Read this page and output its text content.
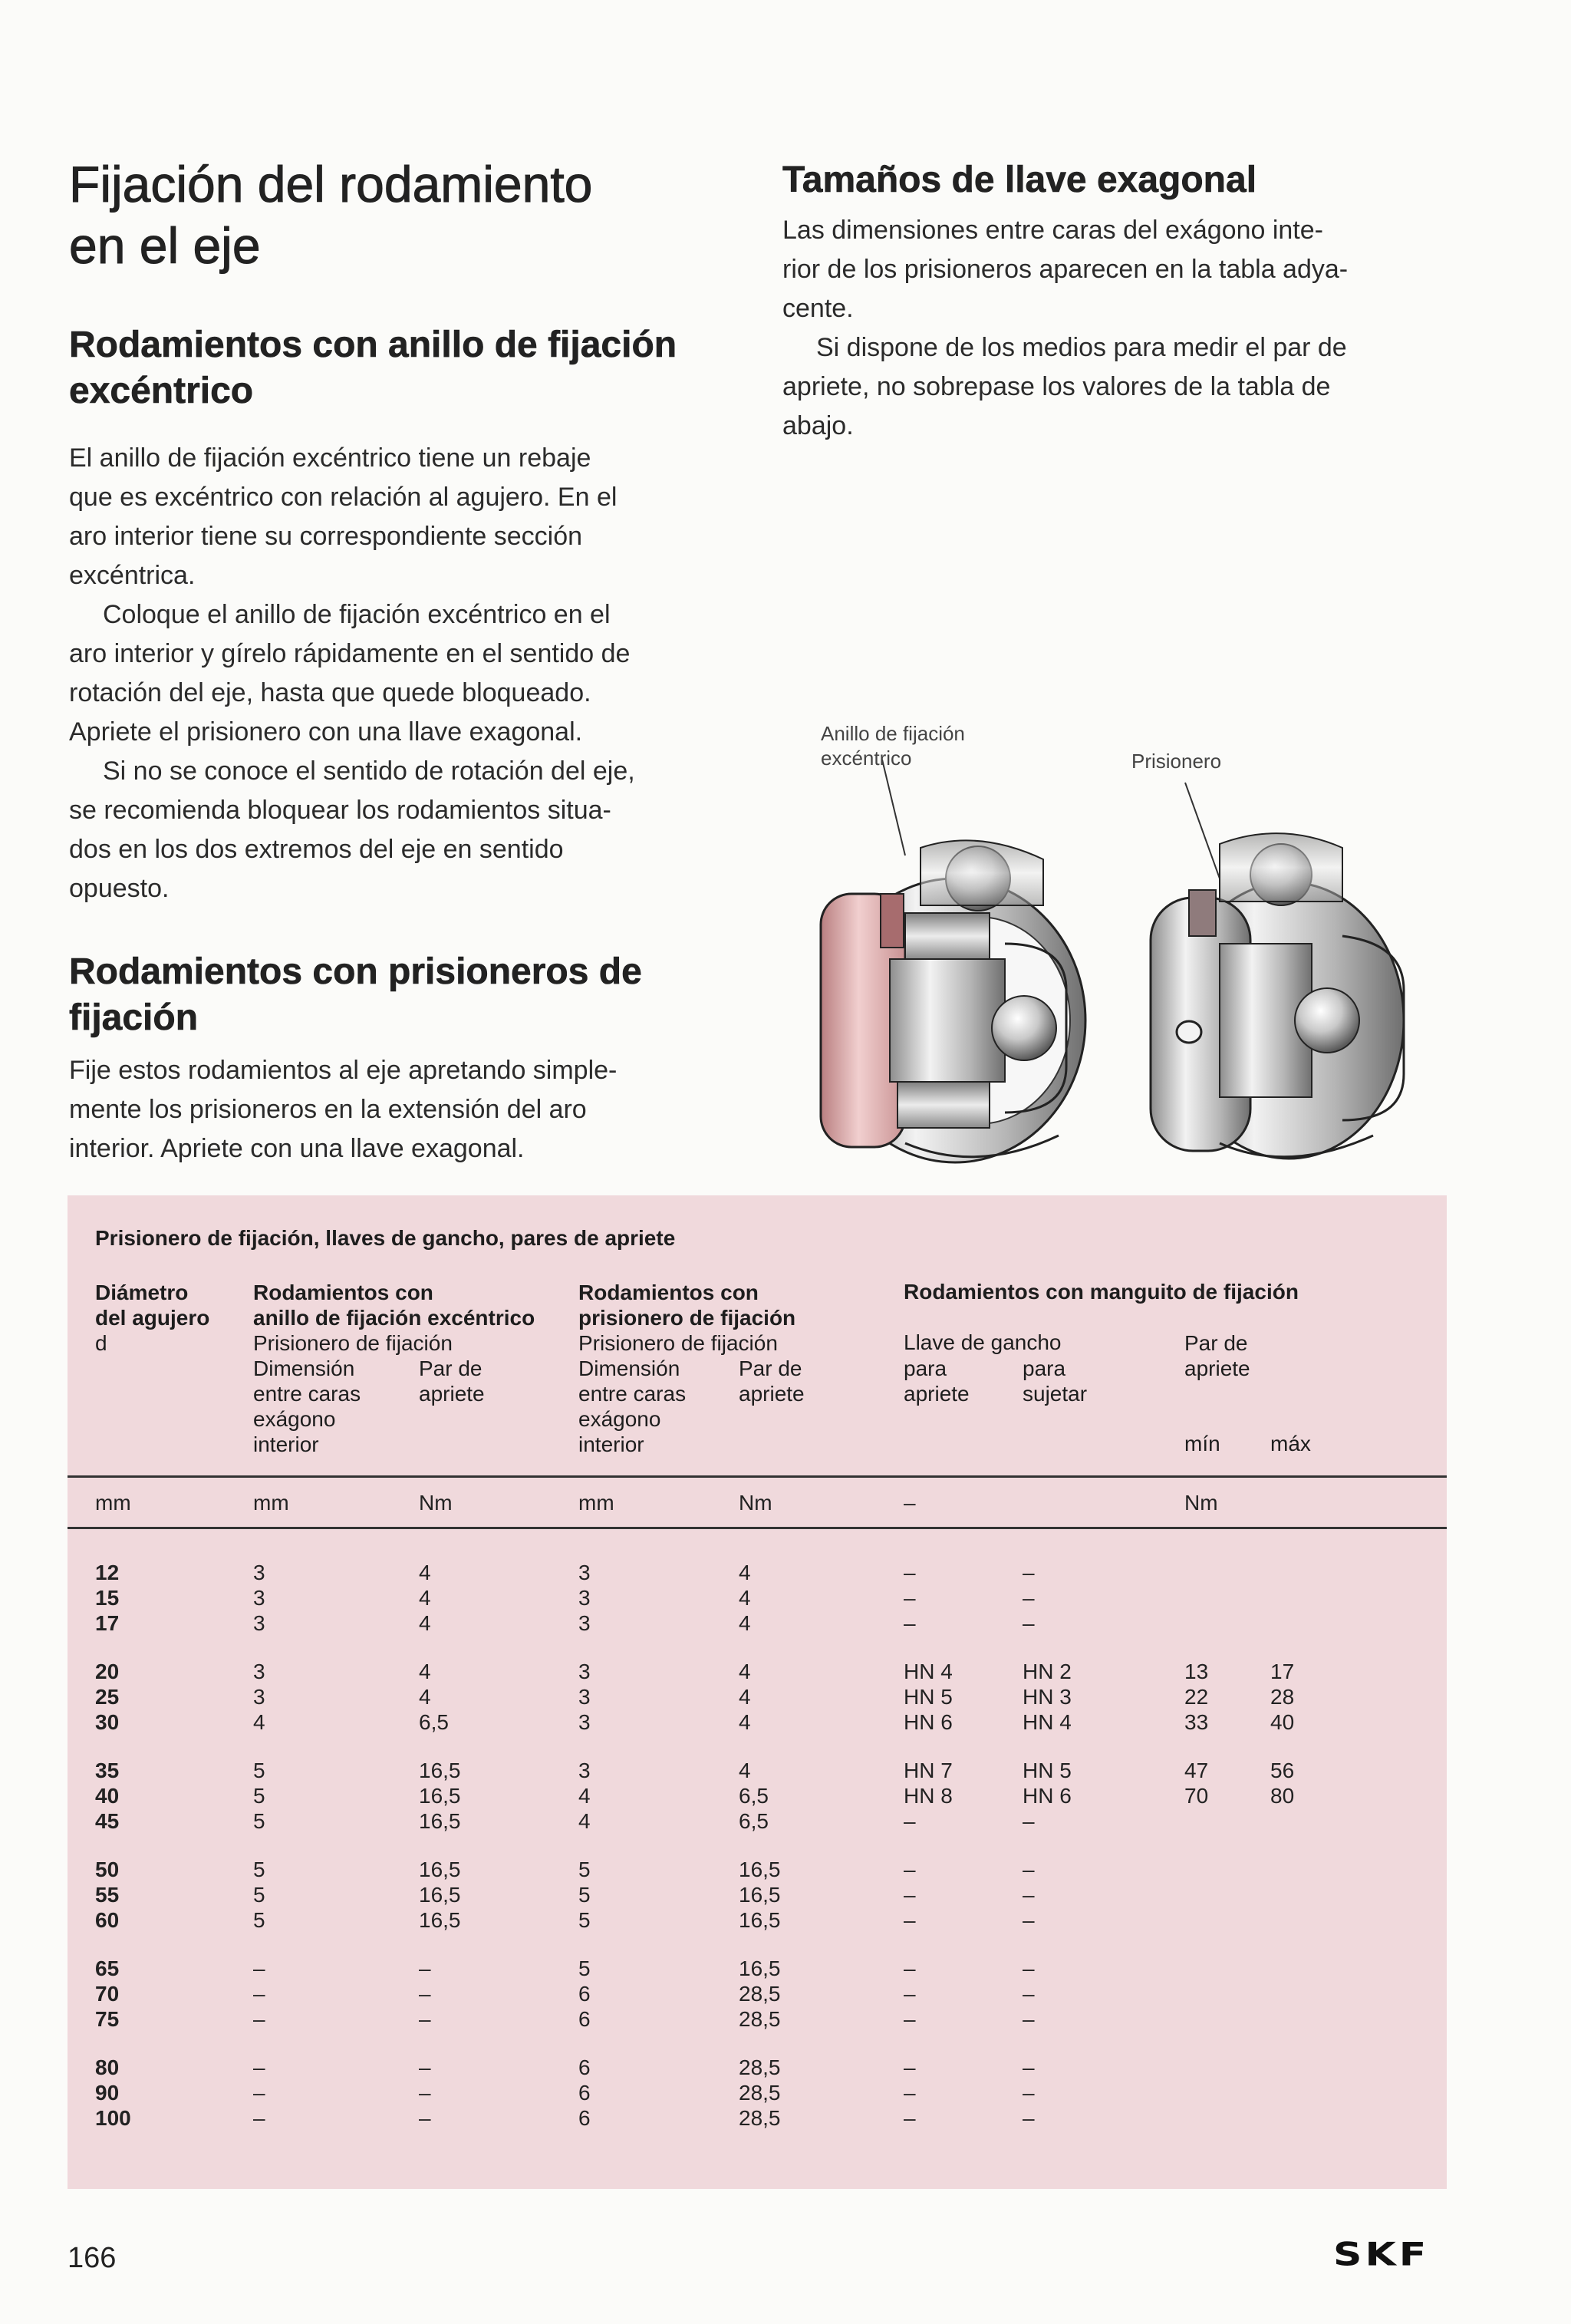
Fijación del rodamiento
en el eje
Rodamientos con anillo de fijación
excéntrico

El anillo de fijación excéntrico tiene un rebaje
que es excéntrico con relación al agujero. En el
aro interior tiene su correspondiente sección
excéntrica.

Coloque el anillo de fijación excéntrico en el
aro interior y gírelo rápidamente en el sentido de
rotación del eje, hasta que quede bloqueado.
Apriete el prisionero con una llave exagonal.

Si no se conoce el sentido de rotación del eje,
se recomienda bloquear los rodamientos situa-
dos en los dos extremos del eje en sentido
opuesto.

Rodamientos con prisioneros de
fijación

Fije estos rodamientos al eje apretando simple-
mente los prisioneros en la extensión del aro
interior. Apriete con una llave exagonal.

Tamaños de llave exagonal

Las dimensiones entre caras del exágono inte-
rior de los prisioneros aparecen en la tabla adya-
cente.

Si dispone de los medios para medir el par de
apriete, no sobrepase los valores de la tabla de
abajo.

Anillo de fijación
excéntrico	Prisionero
Prisionero de fijación, llaves de gancho, pares de apriete
Diámetro
del agujero
d
Rodamientos con
anillo de fijación excéntrico
Prisionero de fijación
Dimensión
entre caras
exágono
interior
Par de
apriete
Rodamientos con
prisionero de fijación
Prisionero de fijación
Dimensión
entre caras
exágono
interior
Par de
apriete
Rodamientos con manguito de fijación
Llave de gancho
para
apriete
para
sujetar
Par de
apriete
mín máx
mm	mm	Nm	mm	Nm	–	Nm
12	3	4	3	4	–	–
15	3	4	3	4	–	–
17	3	4	3	4	–	–
20	3	4	3	4	HN 4	HN 2	13	17
25	3	4	3	4	HN 5	HN 3	22	28
30	4	6,5	3	4	HN 6	HN 4	33	40
35	5	16,5	3	4	HN 7	HN 5	47	56
40	5	16,5	4	6,5	HN 8	HN 6	70	80
45	5	16,5	4	6,5	–	–
50	5	16,5	5	16,5	–	–
55	5	16,5	5	16,5	–	–
60	5	16,5	5	16,5	–	–
65	–	–	5	16,5	–	–
70	–	–	6	28,5	–	–
75	–	–	6	28,5	–	–
80	–	–	6	28,5	–	–
90	–	–	6	28,5	–	–
100	–	–	6	28,5	–	–
166	SKF
